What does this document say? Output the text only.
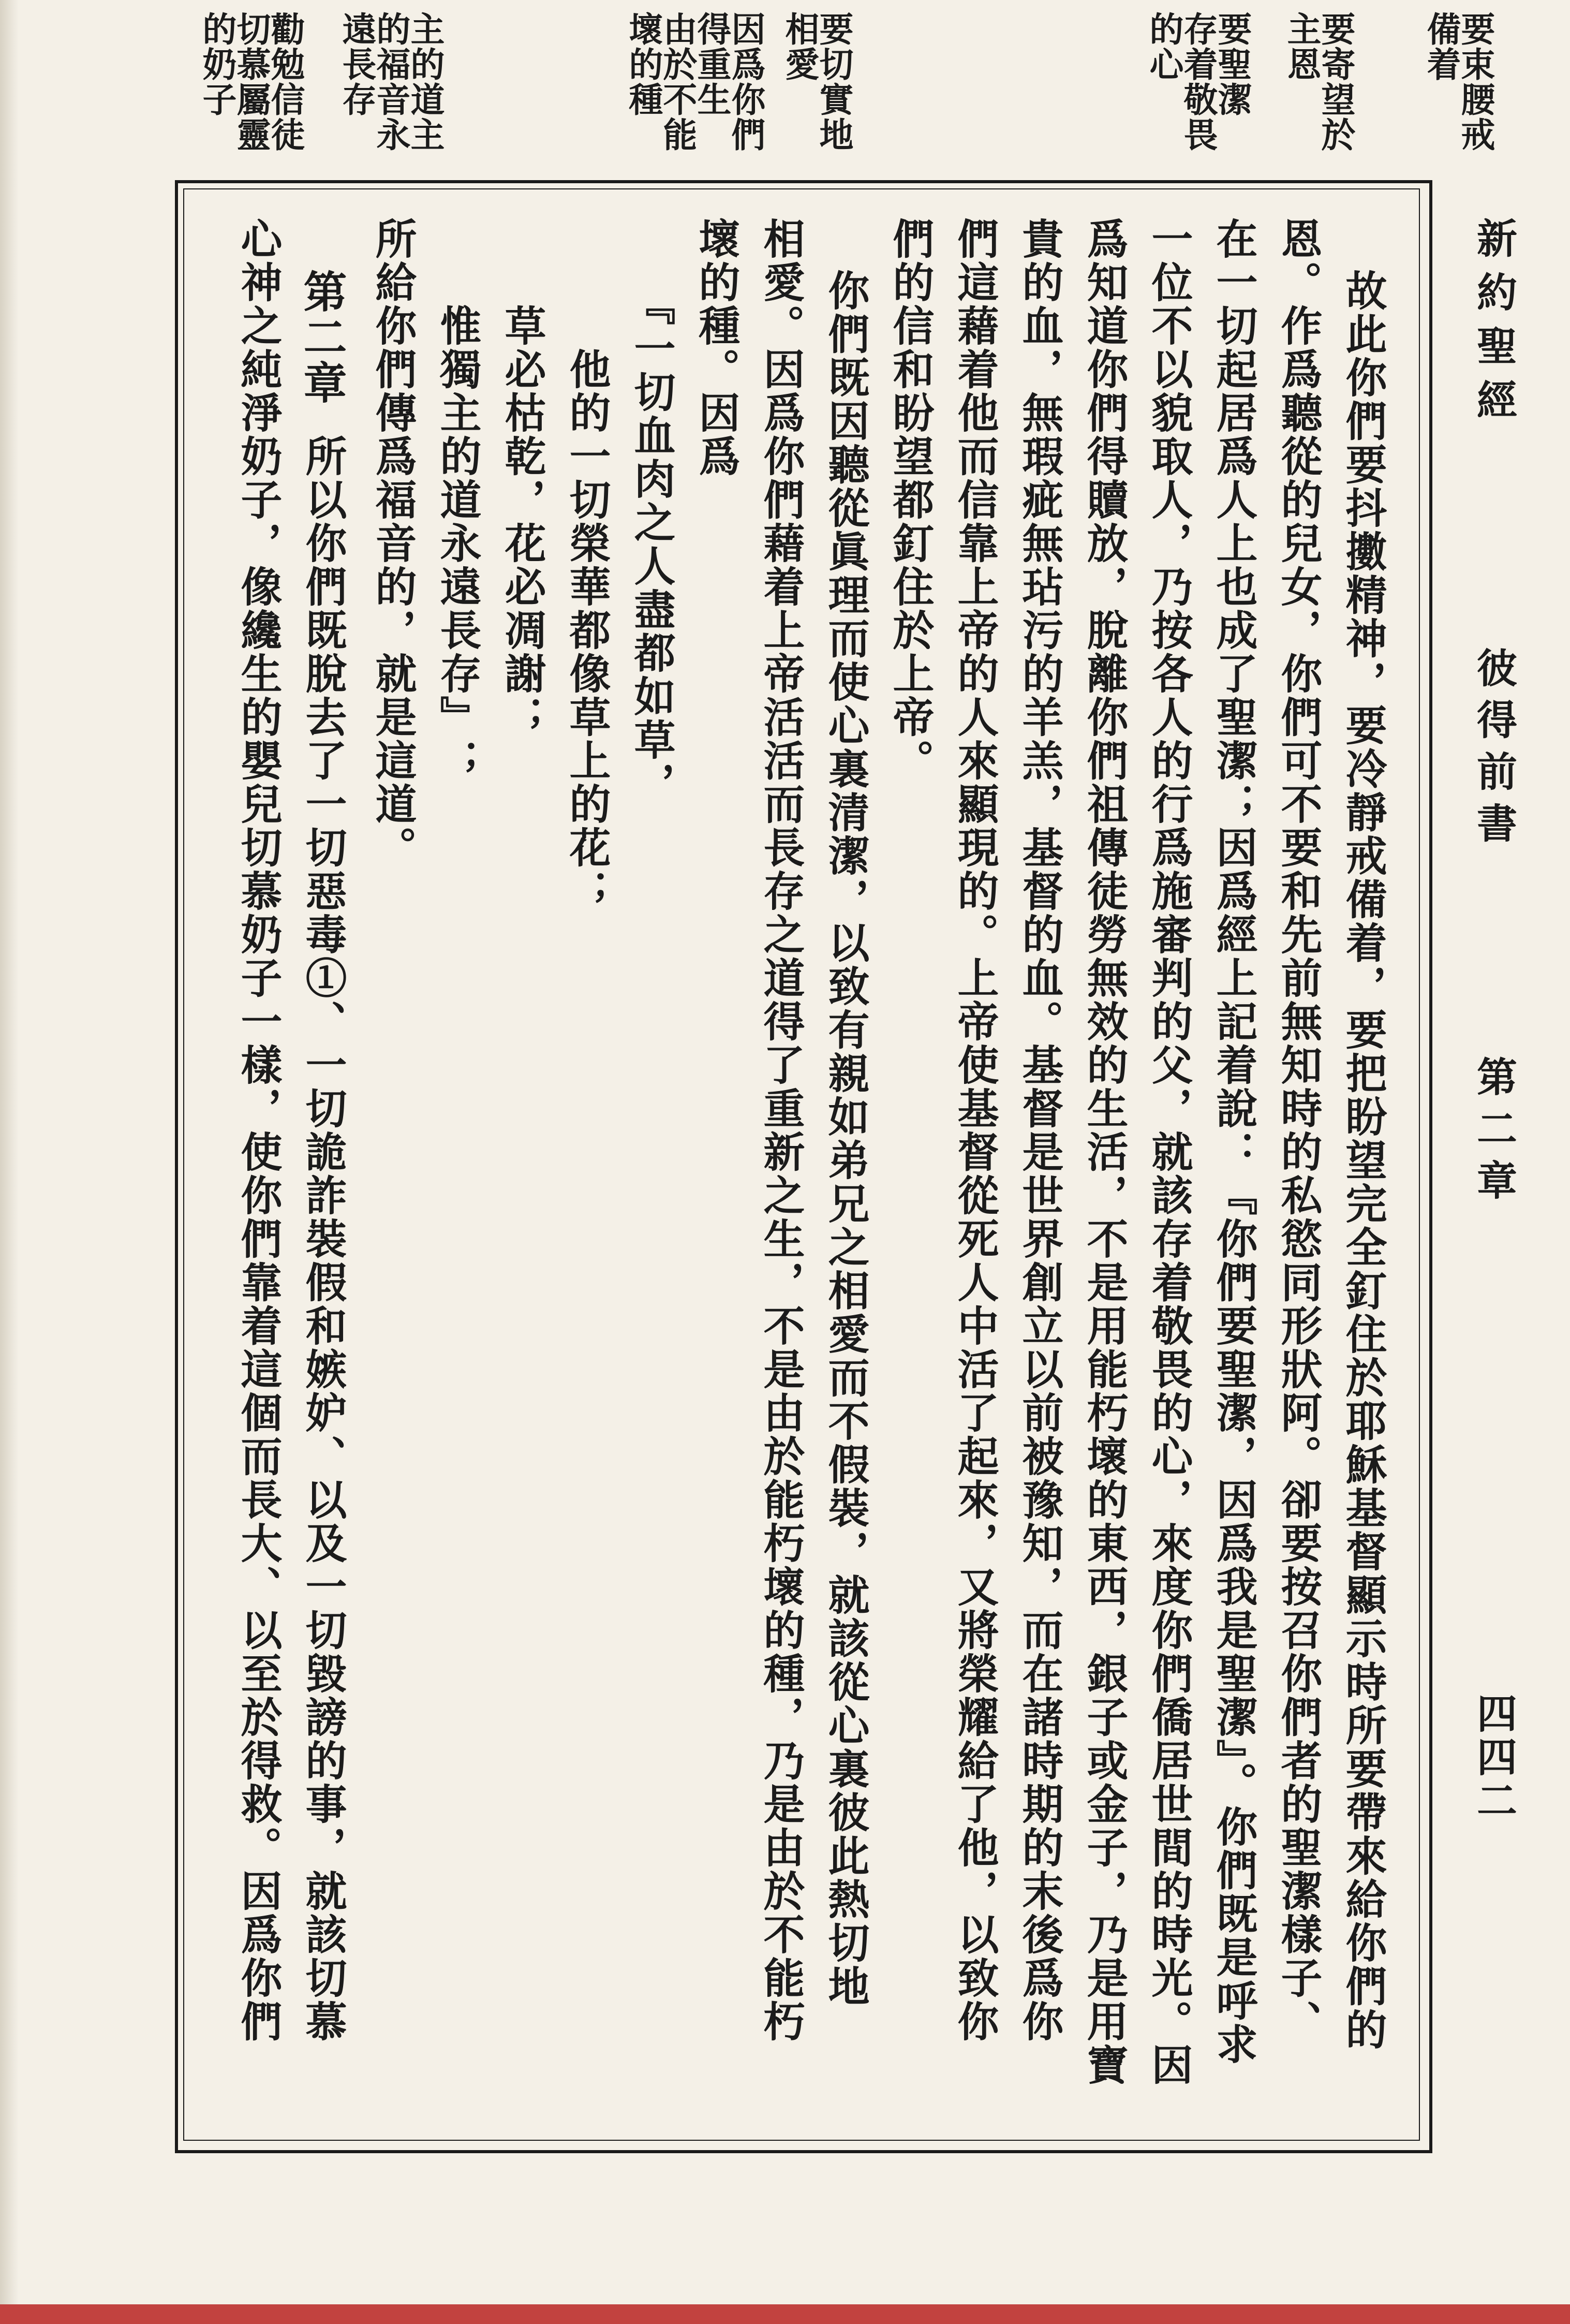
新約聖經
彼得前書
第二章
四四二
要束腰戒
備着
要寄望於
主恩
要聖潔
存着敬畏
的心
要切實地
相愛
因爲你們
得重生
由於不能
壞的種
主的道主
的福音永
遠長存
勸勉信徒
切慕屬靈
的奶子
故此你們要抖擻精神，要冷靜戒備着，要把盼望完全釘住於耶穌基督顯示時所要帶來給你們的
恩。作爲聽從的兒女，你們可不要和先前無知時的私慾同形狀阿。卻要按召你們者的聖潔樣子、
在一切起居爲人上也成了聖潔；因爲經上記着說：『你們要聖潔，因爲我是聖潔』。你們既是呼求
一位不以貌取人，乃按各人的行爲施審判的父，就該存着敬畏的心，來度你們僑居世間的時光。因
爲知道你們得贖放，脫離你們祖傳徒勞無效的生活，不是用能朽壞的東西，銀子或金子，乃是用寶
貴的血，無瑕疵無玷污的羊羔，基督的血。基督是世界創立以前被豫知，而在諸時期的末後爲你
們這藉着他而信靠上帝的人來顯現的。上帝使基督從死人中活了起來，又將榮耀給了他，以致你
們的信和盼望都釘住於上帝。
你們既因聽從眞理而使心裏清潔，以致有親如弟兄之相愛而不假裝，就該從心裏彼此熱切地
相愛。因爲你們藉着上帝活活而長存之道得了重新之生，不是由於能朽壞的種，乃是由於不能朽
壞的種。因爲
　　『一切血肉之人盡都如草，
　　　他的一切榮華都像草上的花；
　　草必枯乾，花必凋謝；
　　惟獨主的道永遠長存』；
所給你們傳爲福音的，就是這道。
第二章
所以你們既脫去了一切惡毒①、一切詭詐裝假和嫉妒、以及一切毀謗的事，就該切慕
心神之純淨奶子，像纔生的嬰兒切慕奶子一樣，使你們靠着這個而長大、以至於得救。因爲你們
